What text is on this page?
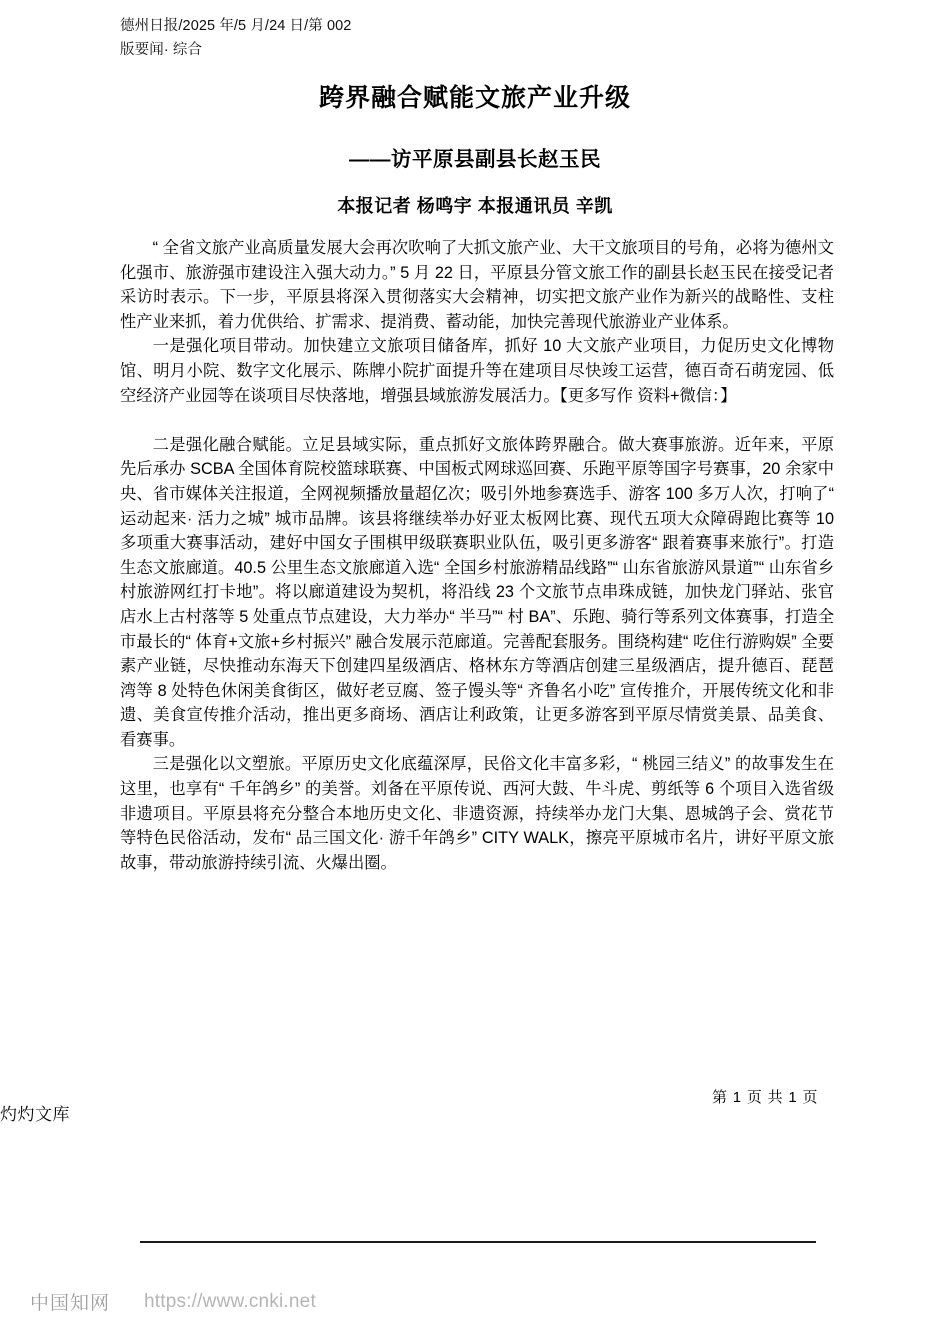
德州日报/2025 年/5 月/24 日/第 002
版要闻· 综合
跨界融合赋能文旅产业升级
——访平原县副县长赵玉民
本报记者 杨鸣宇 本报通讯员 辛凯

“ 全省文旅产业高质量发展大会再次吹响了大抓文旅产业、大干文旅项目的号角，必将为德州文化强市、旅游强市建设注入强大动力。” 5 月 22 日，平原县分管文旅工作的副县长赵玉民在接受记者采访时表示。下一步，平原县将深入贯彻落实大会精神，切实把文旅产业作为新兴的战略性、支柱性产业来抓，着力优供给、扩需求、提消费、蓄动能，加快完善现代旅游业产业体系。

一是强化项目带动。加快建立文旅项目储备库，抓好 10 大文旅产业项目，力促历史文化博物馆、明月小院、数字文化展示、陈牌小院扩面提升等在建项目尽快竣工运营，德百奇石萌宠园、低空经济产业园等在谈项目尽快落地，增强县域旅游发展活力。【更多写作 资料+微信：】

二是强化融合赋能。立足县域实际，重点抓好文旅体跨界融合。做大赛事旅游。近年来，平原先后承办 SCBA 全国体育院校篮球联赛、中国板式网球巡回赛、乐跑平原等国字号赛事，20 余家中央、省市媒体关注报道，全网视频播放量超亿次；吸引外地参赛选手、游客 100 多万人次，打响了“ 运动起来· 活力之城” 城市品牌。该县将继续举办好亚太板网比赛、现代五项大众障碍跑比赛等 10 多项重大赛事活动，建好中国女子围棋甲级联赛职业队伍，吸引更多游客“ 跟着赛事来旅行”。打造生态文旅廊道。40.5 公里生态文旅廊道入选“ 全国乡村旅游精品线路”“ 山东省旅游风景道”“ 山东省乡村旅游网红打卡地”。将以廊道建设为契机，将沿线 23 个文旅节点串珠成链，加快龙门驿站、张官店水上古村落等 5 处重点节点建设，大力举办“ 半马”“ 村 BA”、乐跑、骑行等系列文体赛事，打造全市最长的“ 体育+文旅+乡村振兴” 融合发展示范廊道。完善配套服务。围绕构建“ 吃住行游购娱” 全要素产业链，尽快推动东海天下创建四星级酒店、格林东方等酒店创建三星级酒店，提升德百、琵琶湾等 8 处特色休闲美食街区，做好老豆腐、签子馒头等“ 齐鲁名小吃” 宣传推介，开展传统文化和非遗、美食宣传推介活动，推出更多商场、酒店让利政策，让更多游客到平原尽情赏美景、品美食、看赛事。

三是强化以文塑旅。平原历史文化底蕴深厚，民俗文化丰富多彩，“ 桃园三结义” 的故事发生在这里，也享有“ 千年鸽乡” 的美誉。刘备在平原传说、西河大鼓、牛斗虎、剪纸等 6 个项目入选省级非遗项目。平原县将充分整合本地历史文化、非遗资源，持续举办龙门大集、恩城鸽子会、赏花节等特色民俗活动，发布“ 品三国文化· 游千年鸽乡” CITY WALK，擦亮平原城市名片，讲好平原文旅故事，带动旅游持续引流、火爆出圈。

第 1 页 共 1 页
灼灼文库
中国知网 https://www.cnki.net
